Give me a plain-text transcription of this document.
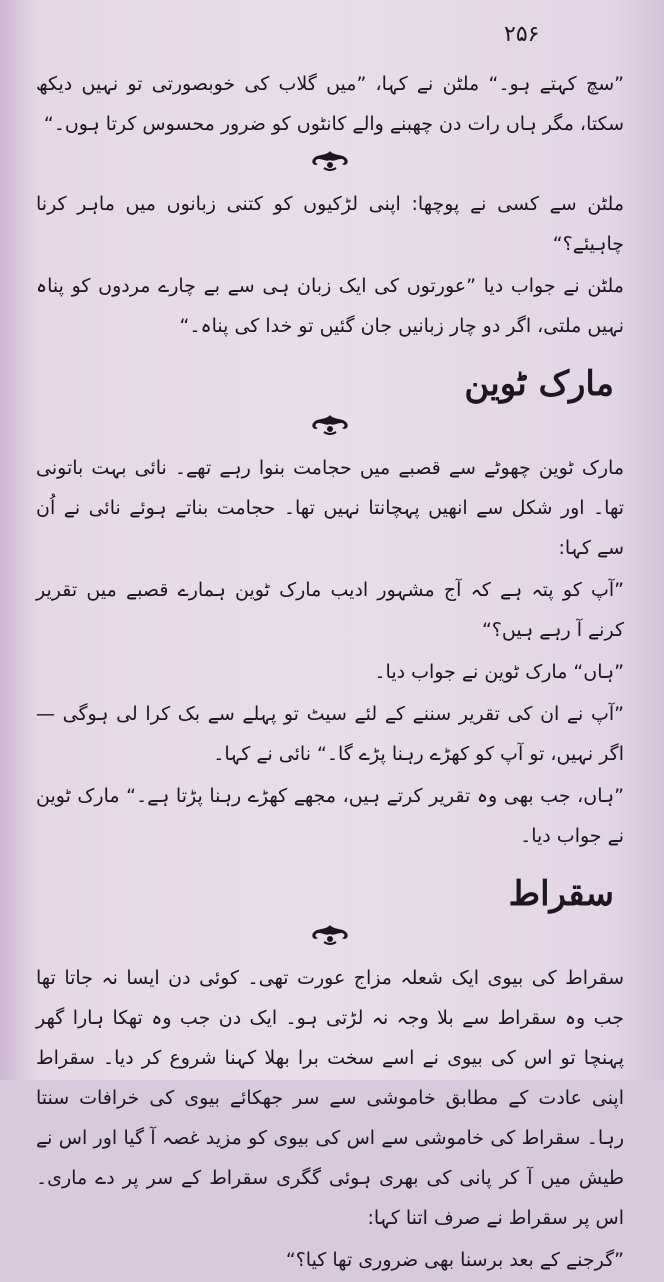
۲۵۶

”سچ کہتے ہو۔“ ملٹن نے کہا، ”میں گلاب کی خوبصورتی تو نہیں دیکھ سکتا، مگر ہاں رات دن چھبنے والے کانٹوں کو ضرور محسوس کرتا ہوں۔“

ملٹن سے کسی نے پوچھا: اپنی لڑکیوں کو کتنی زبانوں میں ماہر کرنا چاہیئے؟“

ملٹن نے جواب دیا ”عورتوں کی ایک زبان ہی سے بے چارے مردوں کو پناہ نہیں ملتی، اگر دو چار زبانیں جان گئیں تو خدا کی پناہ۔“

مارک ٹوین

مارک ٹوین چھوٹے سے قصبے میں حجامت بنوا رہے تھے۔ نائی بہت باتونی تھا۔ اور شکل سے انھیں پہچانتا نہیں تھا۔ حجامت بناتے ہوئے نائی نے اُن سے کہا:

”آپ کو پتہ ہے کہ آج مشہور ادیب مارک ٹوین ہمارے قصبے میں تقریر کرنے آ رہے ہیں؟“

”ہاں“ مارک ٹوین نے جواب دیا۔

”آپ نے ان کی تقریر سننے کے لئے سیٹ تو پہلے سے بک کرا لی ہوگی — اگر نہیں، تو آپ کو کھڑے رہنا پڑے گا۔“ نائی نے کہا۔

”ہاں، جب بھی وہ تقریر کرتے ہیں، مجھے کھڑے رہنا پڑتا ہے۔“ مارک ٹوین نے جواب دیا۔

سقراط

سقراط کی بیوی ایک شعلہ مزاج عورت تھی۔ کوئی دن ایسا نہ جاتا تھا جب وہ سقراط سے بلا وجہ نہ لڑتی ہو۔ ایک دن جب وہ تھکا ہارا گھر پہنچا تو اس کی بیوی نے اسے سخت برا بھلا کہنا شروع کر دیا۔ سقراط اپنی عادت کے مطابق خاموشی سے سر جھکائے بیوی کی خرافات سنتا رہا۔ سقراط کی خاموشی سے اس کی بیوی کو مزید غصہ آ گیا اور اس نے طیش میں آ کر پانی کی بھری ہوئی گگری سقراط کے سر پر دے ماری۔ اس پر سقراط نے صرف اتنا کہا:

”گرجنے کے بعد برسنا بھی ضروری تھا کیا؟“
